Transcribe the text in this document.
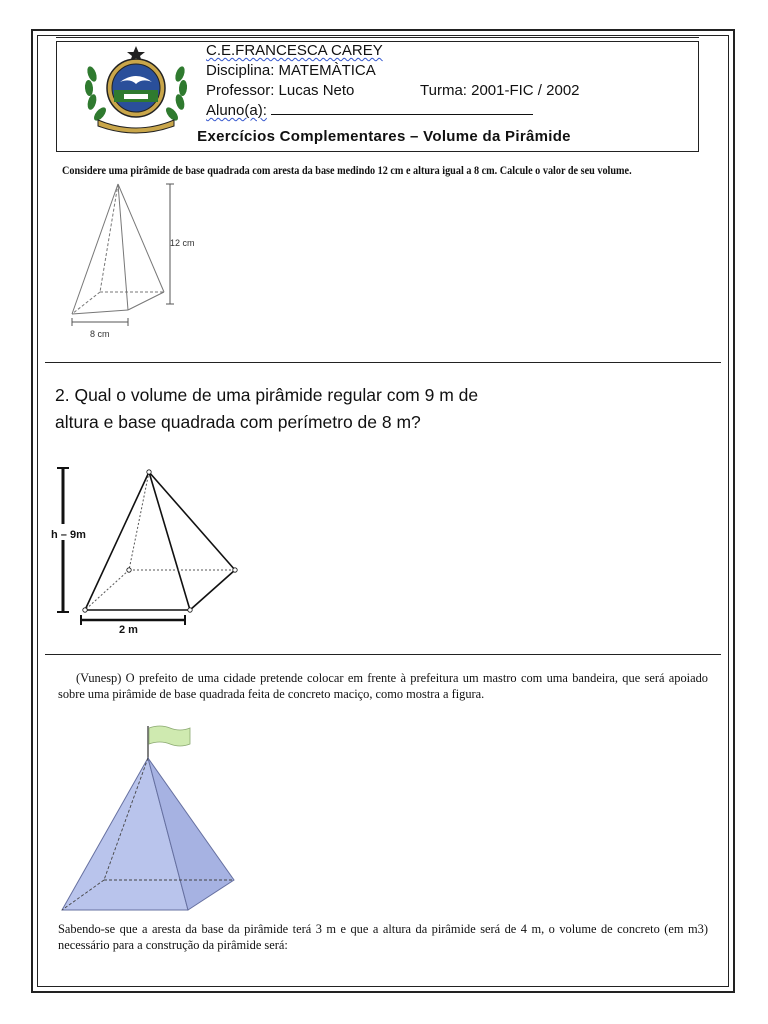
C.E.FRANCESCA CAREY
Disciplina: MATEMÀTICA
Professor: Lucas Neto	Turma: 2001-FIC / 2002
Aluno(a):
Exercícios Complementares – Volume da Pirâmide
Considere uma pirâmide de base quadrada com aresta da base medindo 12 cm e altura igual a 8 cm. Calcule o valor de seu volume.
12 cm
8 cm
2. Qual o volume de uma pirâmide regular com 9 m de
altura e base quadrada com perímetro de 8 m?
h – 9m
2 m
(Vunesp) O prefeito de uma cidade pretende colocar em frente à prefeitura um mastro com uma bandeira, que será apoiado sobre uma pirâmide de base quadrada feita de concreto maciço, como mostra a figura.
Sabendo-se que a aresta da base da pirâmide terá 3 m e que a altura da pirâmide será de 4 m, o volume de concreto (em m3) necessário para a construção da pirâmide será:
